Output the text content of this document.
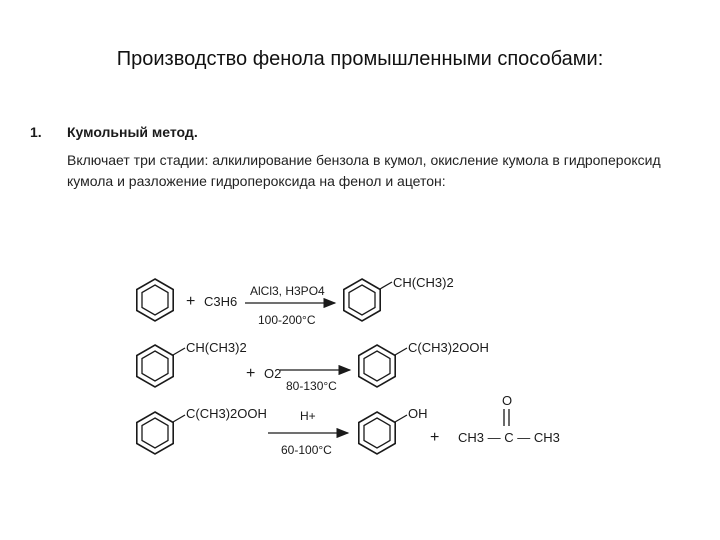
Производство фенола промышленными способами:
1. Кумольный метод.
Включает три стадии: алкилирование бензола в кумол, окисление кумола в гидропероксид кумола и разложение гидропероксида на фенол и ацетон:
+ C3H6
AlCl3, H3PO4
100-200°C
CH(CH3)2
CH(CH3)2
+ O2
80-130°C
C(CH3)2OOH
C(CH3)2OOH	H+
60-100°C
OH
+
O
CH3 — C — CH3
